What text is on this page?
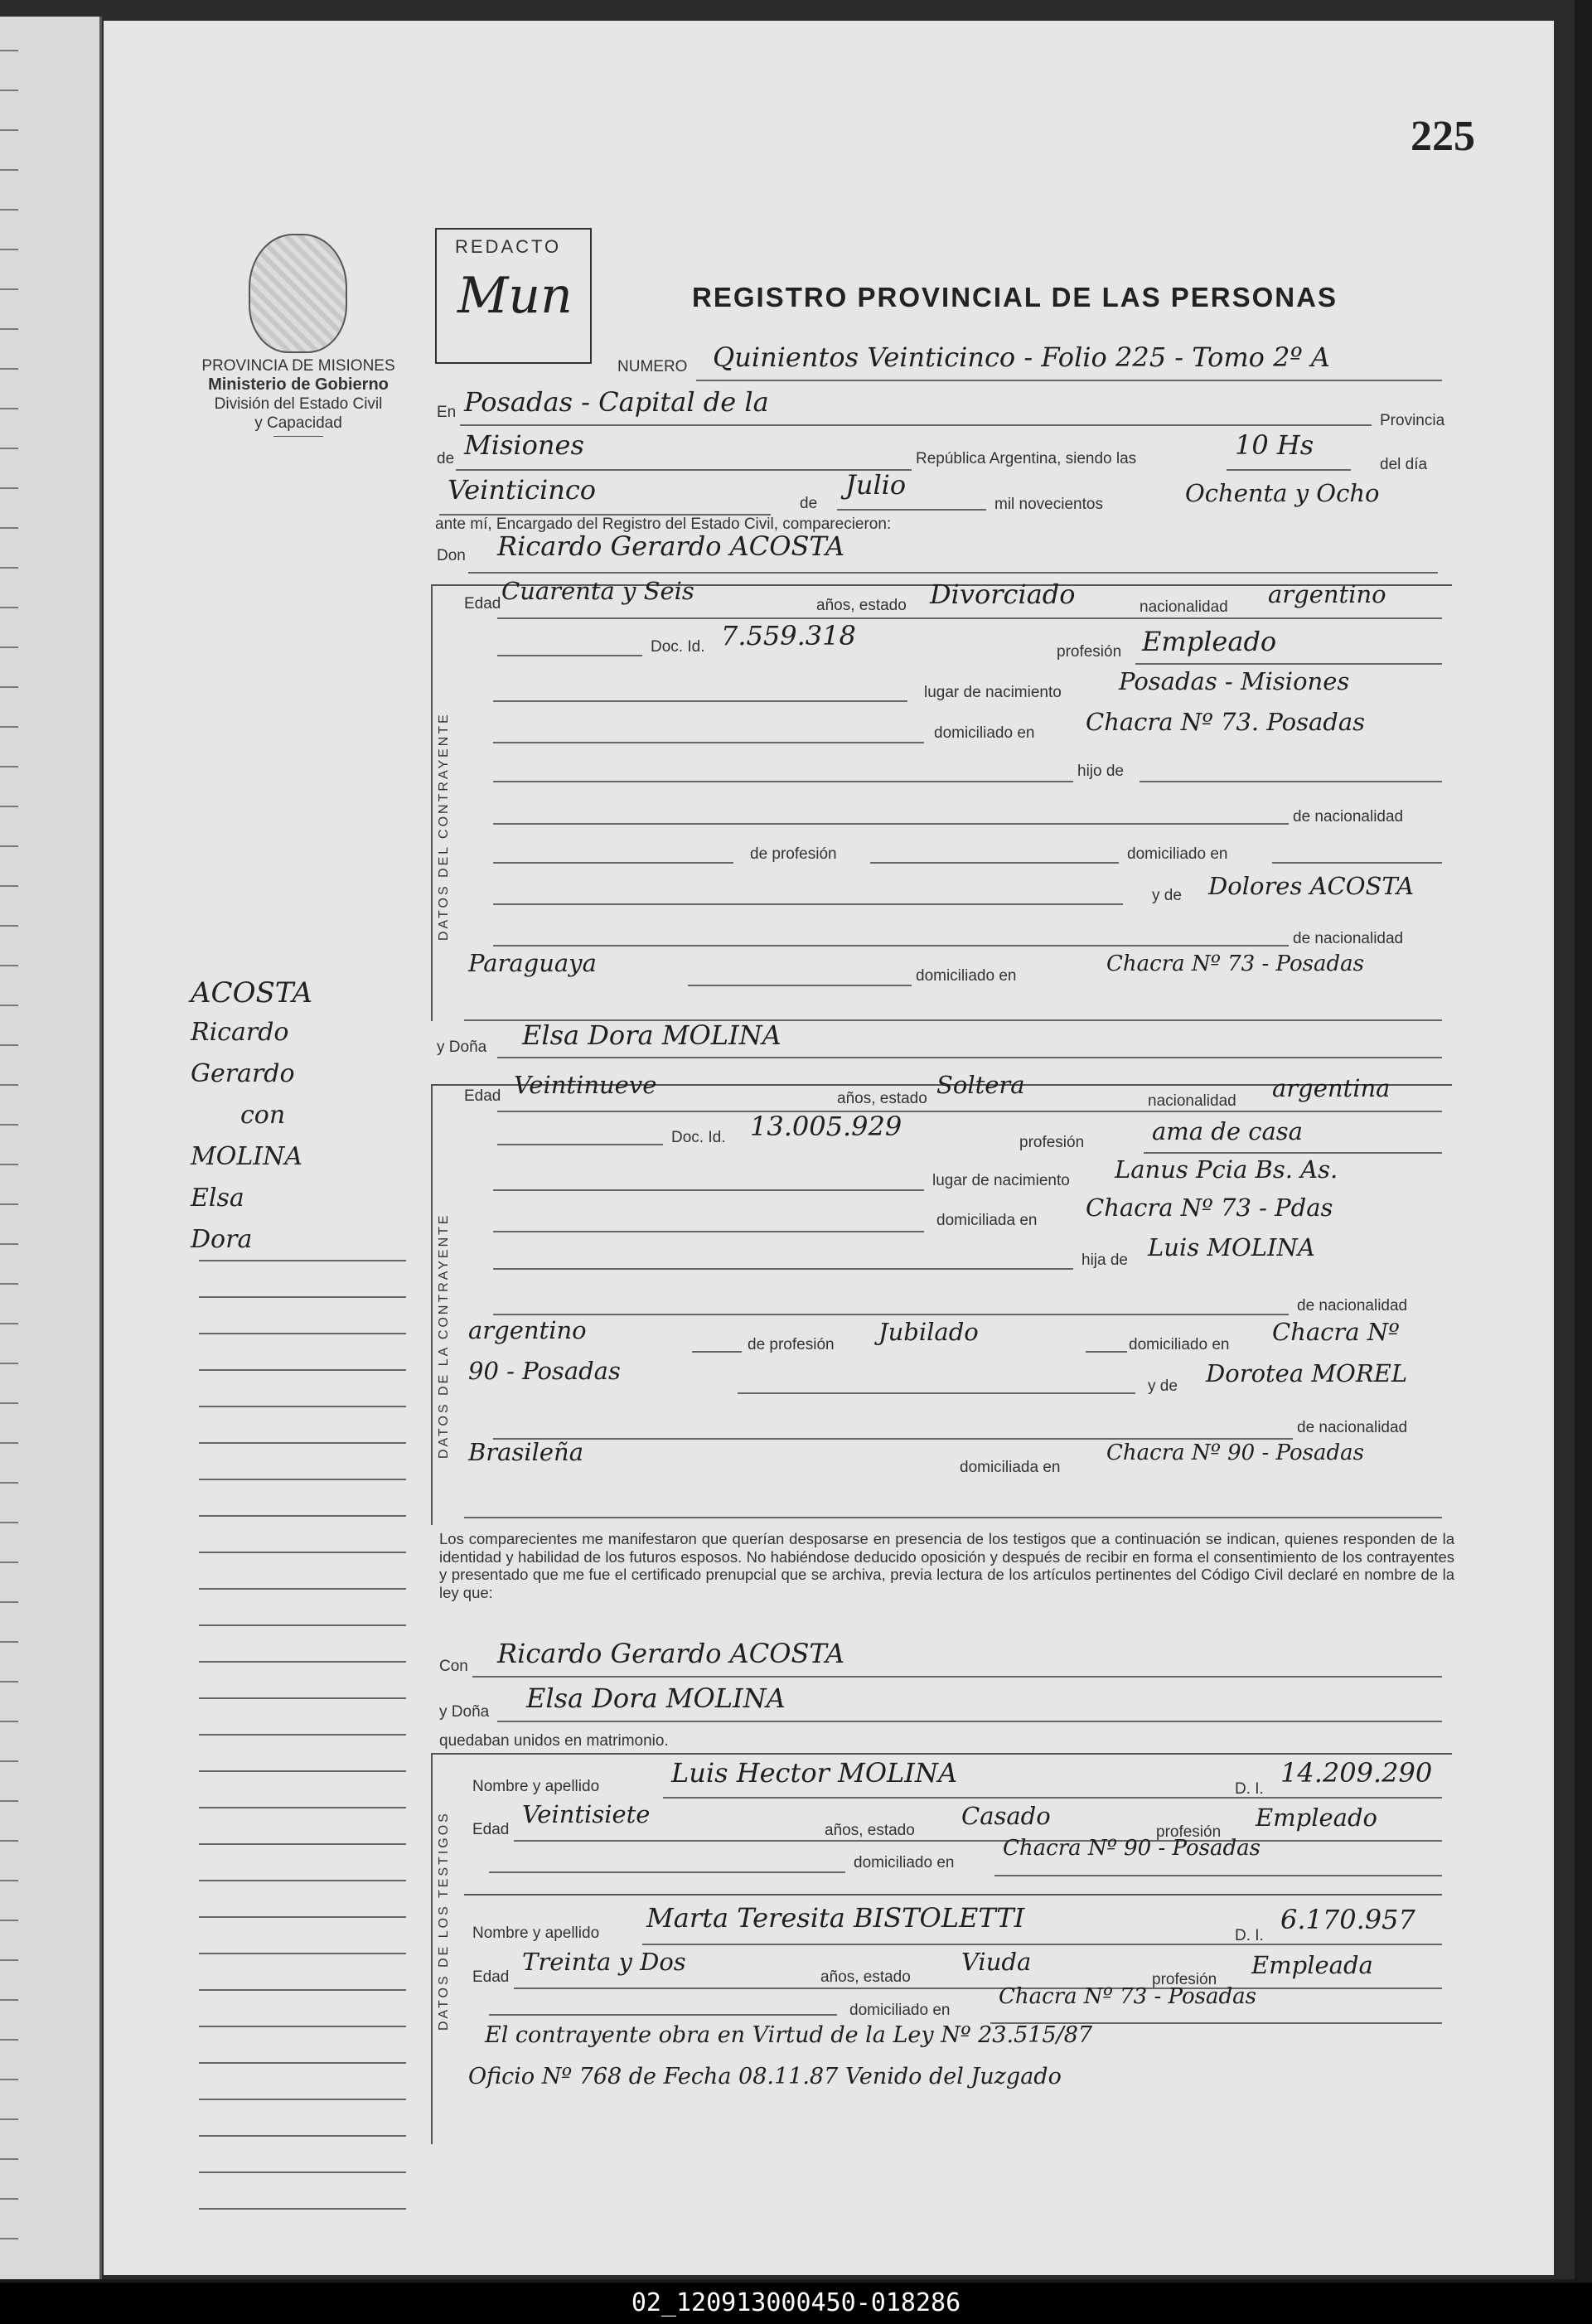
225
REDACTO
Mun	REGISTRO PROVINCIAL DE LAS PERSONAS
PROVINCIA DE MISIONES
Ministerio de Gobierno
División del Estado Civil
y Capacidad
ACOSTA
Ricardo
Gerardo
con
MOLINA
Elsa
Dora
NUMERO Quinientos Veinticinco - Folio 225 - Tomo 2º A
En Posadas - Capital de la
Provincia
de Misiones	República Argentina, siendo las	10 Hs
del día
Veinticinco	de
Julio
mil novecientos	Ochenta y Ocho
ante mí, Encargado del Registro del Estado Civil, comparecieron:
Don Ricardo Gerardo ACOSTA
DATOS DEL CONTRAYENTE
Edad Cuarenta y Seis
años, estado Divorciado	nacionalidad argentino
Doc. Id. 7.559.318
profesión Empleado
lugar de nacimiento Posadas - Misiones
domiciliado en Chacra Nº 73. Posadas
hijo de
de nacionalidad
de profesión	domiciliado en
y de Dolores ACOSTA
de nacionalidad
Paraguaya	domiciliado en	Chacra Nº 73 - Posadas
y Doña Elsa Dora MOLINA
DATOS DE LA CONTRAYENTE
Edad Veintinueve	años, estado Soltera
nacionalidad argentina
Doc. Id. 13.005.929
profesión	ama de casa
lugar de nacimiento Lanus Pcia Bs. As.
domiciliada en Chacra Nº 73 - Pdas
hija de Luis MOLINA
de nacionalidad
argentino
de profesión Jubilado	domiciliado en Chacra Nº
90 - Posadas
y de Dorotea MOREL
de nacionalidad
Brasileña
domiciliada en
Chacra Nº 90 - Posadas
Los comparecientes me manifestaron que querían desposarse en presencia de los testigos que a continuación se indican, quienes responden de la identidad y habilidad de los futuros esposos. No habiéndose deducido oposición y después de recibir en forma el consentimiento de los contrayentes y presentado que me fue el certificado prenupcial que se archiva, previa lectura de los artículos pertinentes del Código Civil declaré en nombre de la ley que:
Con Ricardo Gerardo ACOSTA
y Doña Elsa Dora MOLINA
quedaban unidos en matrimonio.
DATOS DE LOS TESTIGOS
Nombre y apellido	Luis Hector MOLINA
D. I.
14.209.290
Edad
Veintisiete
años, estado
Casado
profesión
Empleado
domiciliado en
Chacra Nº 90 - Posadas
Nombre y apellido Marta Teresita BISTOLETTI
D. I.
6.170.957
Edad
Treinta y Dos
años, estado
Viuda
profesión
Empleada
domiciliado en
Chacra Nº 73 - Posadas
El contrayente obra en Virtud de la Ley Nº 23.515/87
Oficio Nº 768 de Fecha 08.11.87 Venido del Juzgado
02_120913000450-018286
